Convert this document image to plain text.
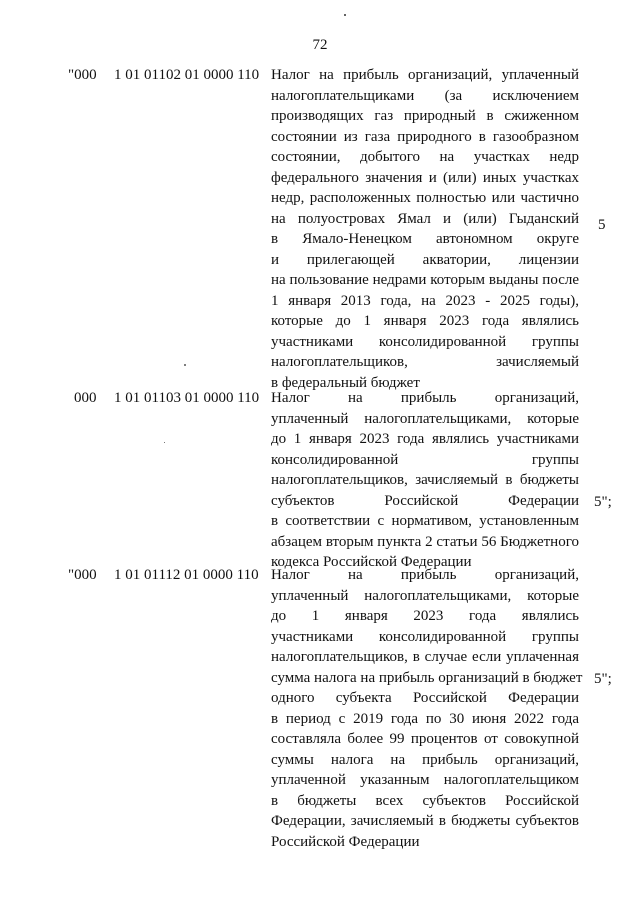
72
"000 1 01 01102 01 0000 110 Налог на прибыль организаций, уплаченный
налогоплательщиками (за исключением
производящих газ природный в сжиженном
состоянии из газа природного в газообразном
состоянии, добытого на участках недр
федерального значения и (или) иных участках
недр, расположенных полностью или частично
на полуостровах Ямал и (или) Гыданский
в Ямало-Ненецком автономном округе
и прилегающей акватории, лицензии
на пользование недрами которым выданы после
1 января 2013 года, на 2023 - 2025 годы),
которые до 1 января 2023 года являлись
участниками консолидированной группы
налогоплательщиков, зачисляемый
в федеральный бюджет
5
000 1 01 01103 01 0000 110 Налог на прибыль организаций,
уплаченный налогоплательщиками, которые
до 1 января 2023 года являлись участниками
консолидированной группы
налогоплательщиков, зачисляемый в бюджеты
субъектов Российской Федерации
в соответствии с нормативом, установленным
абзацем вторым пункта 2 статьи 56 Бюджетного
кодекса Российской Федерации
5";
"000 1 01 01112 01 0000 110 Налог на прибыль организаций,
уплаченный налогоплательщиками, которые
до 1 января 2023 года являлись
участниками консолидированной группы
налогоплательщиков, в случае если уплаченная
сумма налога на прибыль организаций в бюджет
одного субъекта Российской Федерации
в период с 2019 года по 30 июня 2022 года
составляла более 99 процентов от совокупной
суммы налога на прибыль организаций,
уплаченной указанным налогоплательщиком
в бюджеты всех субъектов Российской
Федерации, зачисляемый в бюджеты субъектов
Российской Федерации
5";
